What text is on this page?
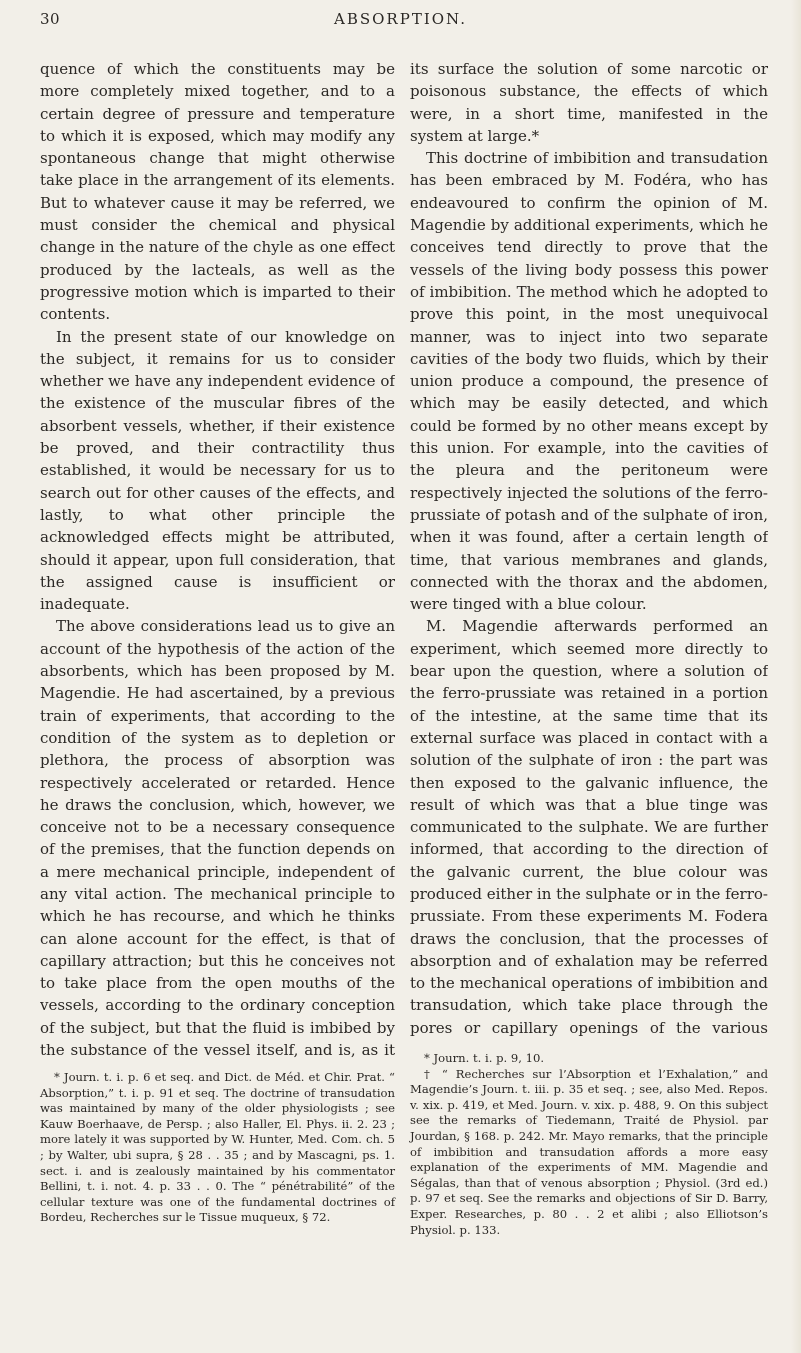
30	ABSORPTION.

quence of which the constituents may be more completely mixed together, and to a certain degree of pressure and temperature to which it is exposed, which may modify any spontaneous change that might otherwise take place in the arrangement of its elements. But to whatever cause it may be referred, we must consider the chemical and physical change in the nature of the chyle as one effect produced by the lacteals, as well as the progressive motion which is imparted to their contents.

In the present state of our knowledge on the subject, it remains for us to consider whether we have any independent evidence of the existence of the muscular fibres of the absorbent vessels, whether, if their existence be proved, and their contractility thus established, it would be necessary for us to search out for other causes of the effects, and lastly, to what other principle the acknowledged effects might be attributed, should it appear, upon full consideration, that the assigned cause is insufficient or inadequate.

The above considerations lead us to give an account of the hypothesis of the action of the absorbents, which has been proposed by M. Magendie. He had ascertained, by a previous train of experiments, that according to the condition of the system as to depletion or plethora, the process of absorption was respectively accelerated or retarded. Hence he draws the conclusion, which, however, we conceive not to be a necessary consequence of the premises, that the function depends on a mere mechanical principle, independent of any vital action. The mechanical principle to which he has recourse, and which he thinks can alone account for the effect, is that of capillary attraction; but this he conceives not to take place from the open mouths of the vessels, according to the ordinary conception of the subject, but that the fluid is imbibed by the substance of the vessel itself, and is, as it

* Journ. t. i. p. 6 et seq. and Dict. de Méd. et Chir. Prat. “ Absorption,” t. i. p. 91 et seq. The doctrine of transudation was maintained by many of the older physiologists ; see Kauw Boerhaave, de Persp. ; also Haller, El. Phys. ii. 2. 23 ; more lately it was supported by W. Hunter, Med. Com. ch. 5 ; by Walter, ubi supra, § 28 . . 35 ; and by Mascagni, ps. 1. sect. i. and is zealously maintained by his commentator Bellini, t. i. not. 4. p. 33 . . 0. The “ pénétrabilité” of the cellular texture was one of the fundamental doctrines of Bordeu, Recherches sur le Tissue muqueux, § 72.

its surface the solution of some narcotic or poisonous substance, the effects of which were, in a short time, manifested in the system at large.*

This doctrine of imbibition and transudation has been embraced by M. Fodéra, who has endeavoured to confirm the opinion of M. Magendie by additional experiments, which he conceives tend directly to prove that the vessels of the living body possess this power of imbibition. The method which he adopted to prove this point, in the most unequivocal manner, was to inject into two separate cavities of the body two fluids, which by their union produce a compound, the presence of which may be easily detected, and which could be formed by no other means except by this union. For example, into the cavities of the pleura and the peritoneum were respectively injected the solutions of the ferro-prussiate of potash and of the sulphate of iron, when it was found, after a certain length of time, that various membranes and glands, connected with the thorax and the abdomen, were tinged with a blue colour.

M. Magendie afterwards performed an experiment, which seemed more directly to bear upon the question, where a solution of the ferro-prussiate was retained in a portion of the intestine, at the same time that its external surface was placed in contact with a solution of the sulphate of iron : the part was then exposed to the galvanic influence, the result of which was that a blue tinge was communicated to the sulphate. We are further informed, that according to the direction of the galvanic current, the blue colour was produced either in the sulphate or in the ferro-prussiate. From these experiments M. Fodera draws the conclusion, that the processes of absorption and of exhalation may be referred to the mechanical operations of imbibition and transudation, which take place through the pores or capillary openings of the various

* Journ. t. i. p. 9, 10.

† “ Recherches sur l’Absorption et l’Exhalation,” and Magendie’s Journ. t. iii. p. 35 et seq. ; see, also Med. Repos. v. xix. p. 419, et Med. Journ. v. xix. p. 488, 9. On this subject see the remarks of Tiedemann, Traité de Physiol. par Jourdan, § 168. p. 242. Mr. Mayo remarks, that the principle of imbibition and transudation affords a more easy explanation of the experiments of MM. Magendie and Ségalas, than that of venous absorption ; Physiol. (3rd ed.) p. 97 et seq. See the remarks and objections of Sir D. Barry, Exper. Researches, p. 80 . . 2 et alibi ; also Elliotson’s Physiol. p. 133.
